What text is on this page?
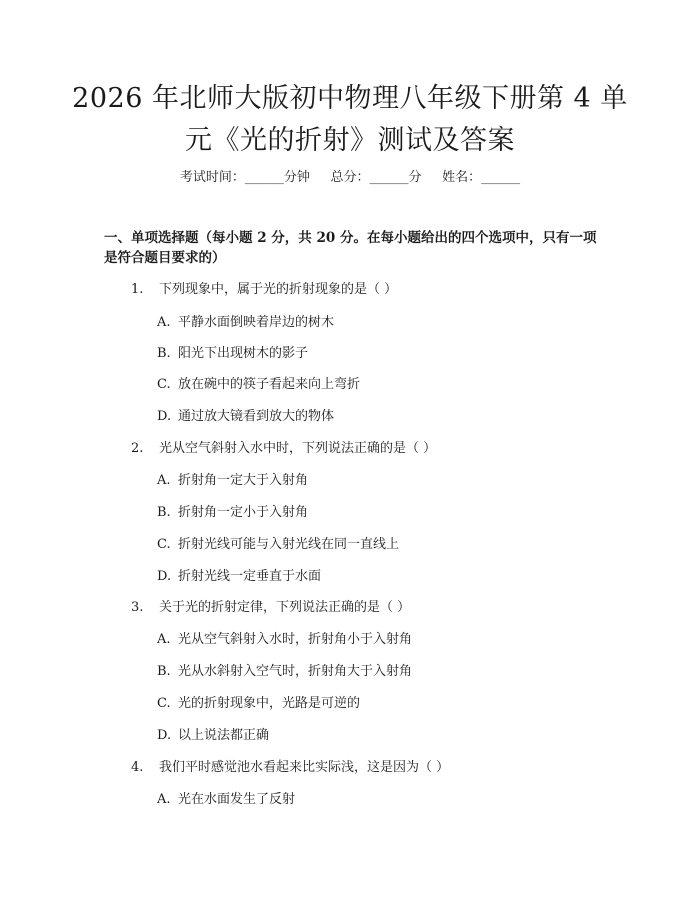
2026 年北师大版初中物理八年级下册第 4 单元《光的折射》测试及答案
考试时间：______分钟     总分：______分     姓名：______
一、单项选择题（每小题 2 分，共 20 分。在每小题给出的四个选项中，只有一项是符合题目要求的）
1. 下列现象中，属于光的折射现象的是（ ）
A. 平静水面倒映着岸边的树木
B. 阳光下出现树木的影子
C. 放在碗中的筷子看起来向上弯折
D. 通过放大镜看到放大的物体
2. 光从空气斜射入水中时，下列说法正确的是（ ）
A. 折射角一定大于入射角
B. 折射角一定小于入射角
C. 折射光线可能与入射光线在同一直线上
D. 折射光线一定垂直于水面
3. 关于光的折射定律，下列说法正确的是（ ）
A. 光从空气斜射入水时，折射角小于入射角
B. 光从水斜射入空气时，折射角大于入射角
C. 光的折射现象中，光路是可逆的
D. 以上说法都正确
4. 我们平时感觉池水看起来比实际浅，这是因为（ ）
A. 光在水面发生了反射
